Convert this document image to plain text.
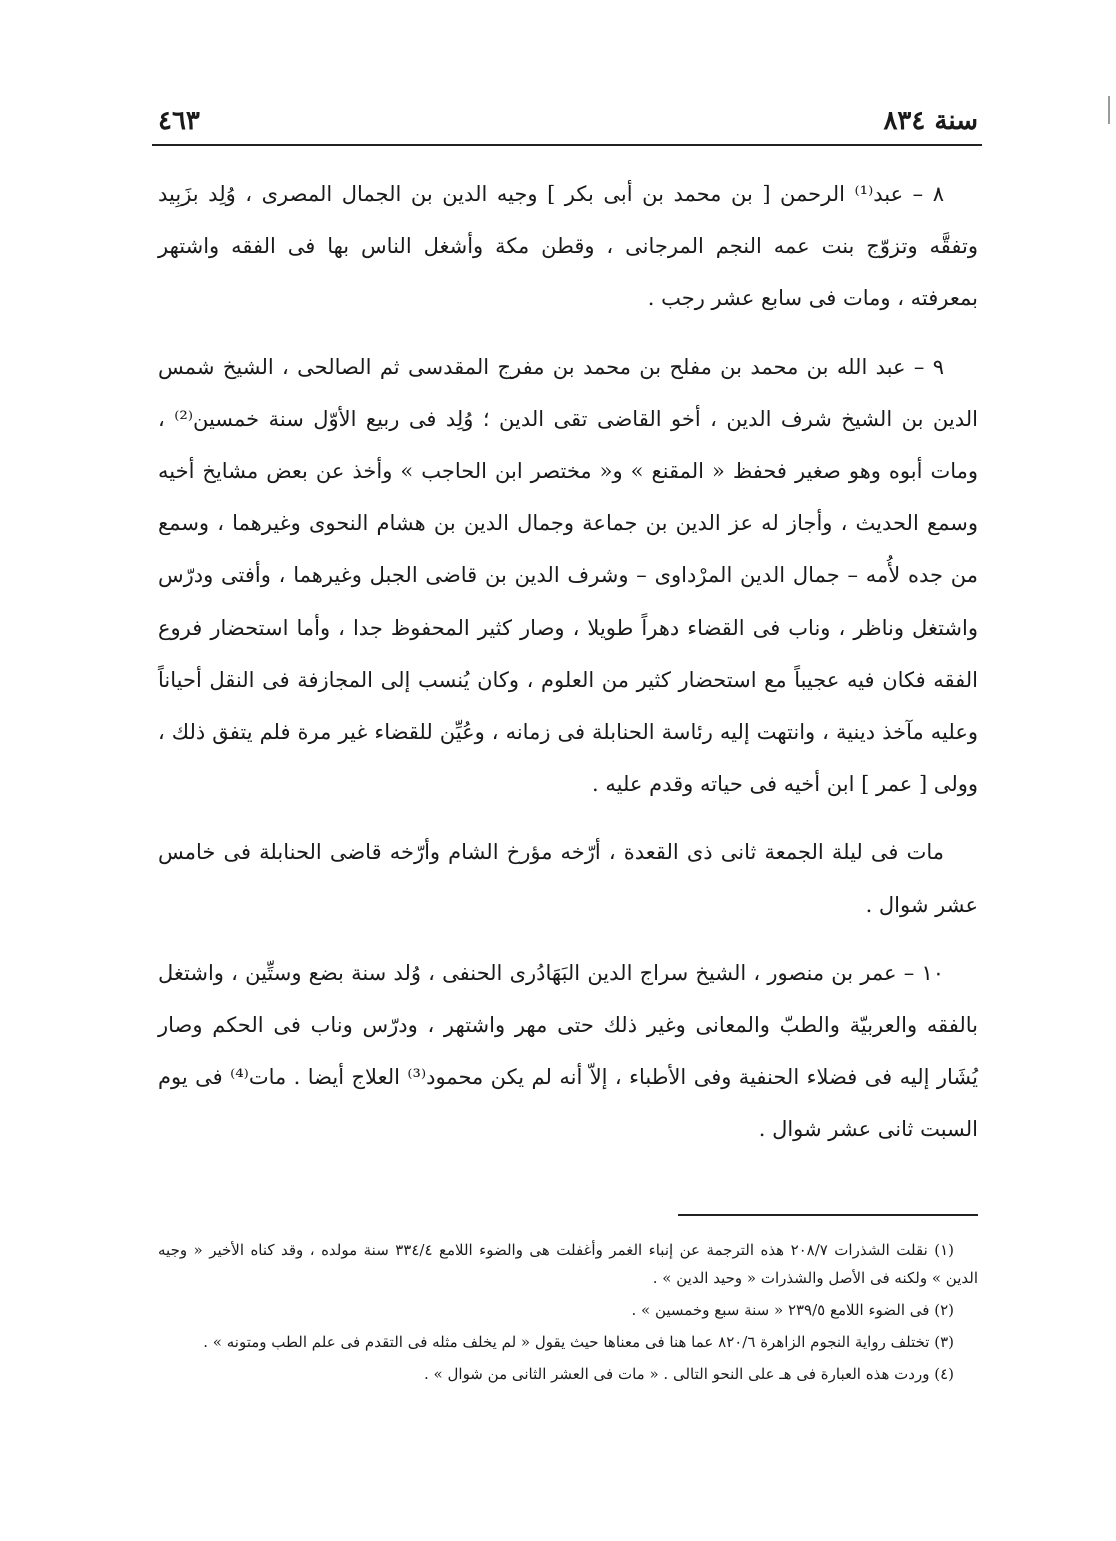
سنة ٨٣٤
٤٦٣

٨ – عبد⁽¹⁾ الرحمن [ بن محمد بن أبى بكر ] وجيه الدين بن الجمال المصرى ، وُلِد بزَبِيد وتفقَّه وتزوّج بنت عمه النجم المرجانى ، وقطن مكة وأشغل الناس بها فى الفقه واشتهر بمعرفته ، ومات فى سابع عشر رجب .

٩ – عبد الله بن محمد بن مفلح بن محمد بن مفرج المقدسى ثم الصالحى ، الشيخ شمس الدين بن الشيخ شرف الدين ، أخو القاضى تقى الدين ؛ وُلِد فى ربيع الأوّل سنة خمسين⁽²⁾ ، ومات أبوه وهو صغير فحفظ « المقنع » و« مختصر ابن الحاجب » وأخذ عن بعض مشايخ أخيه وسمع الحديث ، وأجاز له عز الدين بن جماعة وجمال الدين بن هشام النحوى وغيرهما ، وسمع من جده لأُمه – جمال الدين المرْداوى – وشرف الدين بن قاضى الجبل وغيرهما ، وأفتى ودرّس واشتغل وناظر ، وناب فى القضاء دهراً طويلا ، وصار كثير المحفوظ جدا ، وأما استحضار فروع الفقه فكان فيه عجيباً مع استحضار كثير من العلوم ، وكان يُنسب إلى المجازفة فى النقل أحياناً وعليه مآخذ دينية ، وانتهت إليه رئاسة الحنابلة فى زمانه ، وعُيِّن للقضاء غير مرة فلم يتفق ذلك ، وولى [ عمر ] ابن أخيه فى حياته وقدم عليه .

مات فى ليلة الجمعة ثانى ذى القعدة ، أرّخه مؤرخ الشام وأرّخه قاضى الحنابلة فى خامس عشر شوال .

١٠ – عمر بن منصور ، الشيخ سراج الدين البَهَادُرى الحنفى ، وُلد سنة بضع وستِّين ، واشتغل بالفقه والعربيّة والطبّ والمعانى وغير ذلك حتى مهر واشتهر ، ودرّس وناب فى الحكم وصار يُشَار إليه فى فضلاء الحنفية وفى الأطباء ، إلاّ أنه لم يكن محمود⁽³⁾ العلاج أيضا . مات⁽⁴⁾ فى يوم السبت ثانى عشر شوال .

(١) نقلت الشذرات ٢٠٨/٧ هذه الترجمة عن إنباء الغمر وأغفلت هى والضوء اللامع ٣٣٤/٤ سنة مولده ، وقد كناه الأخير « وجيه الدين » ولكنه فى الأصل والشذرات « وحيد الدين » .

(٢) فى الضوء اللامع ٢٣٩/٥ « سنة سبع وخمسين » .

(٣) تختلف رواية النجوم الزاهرة ٨٢٠/٦ عما هنا فى معناها حيث يقول « لم يخلف مثله فى التقدم فى علم الطب ومتونه » .

(٤) وردت هذه العبارة فى هـ على النحو التالى . « مات فى العشر الثانى من شوال » .
